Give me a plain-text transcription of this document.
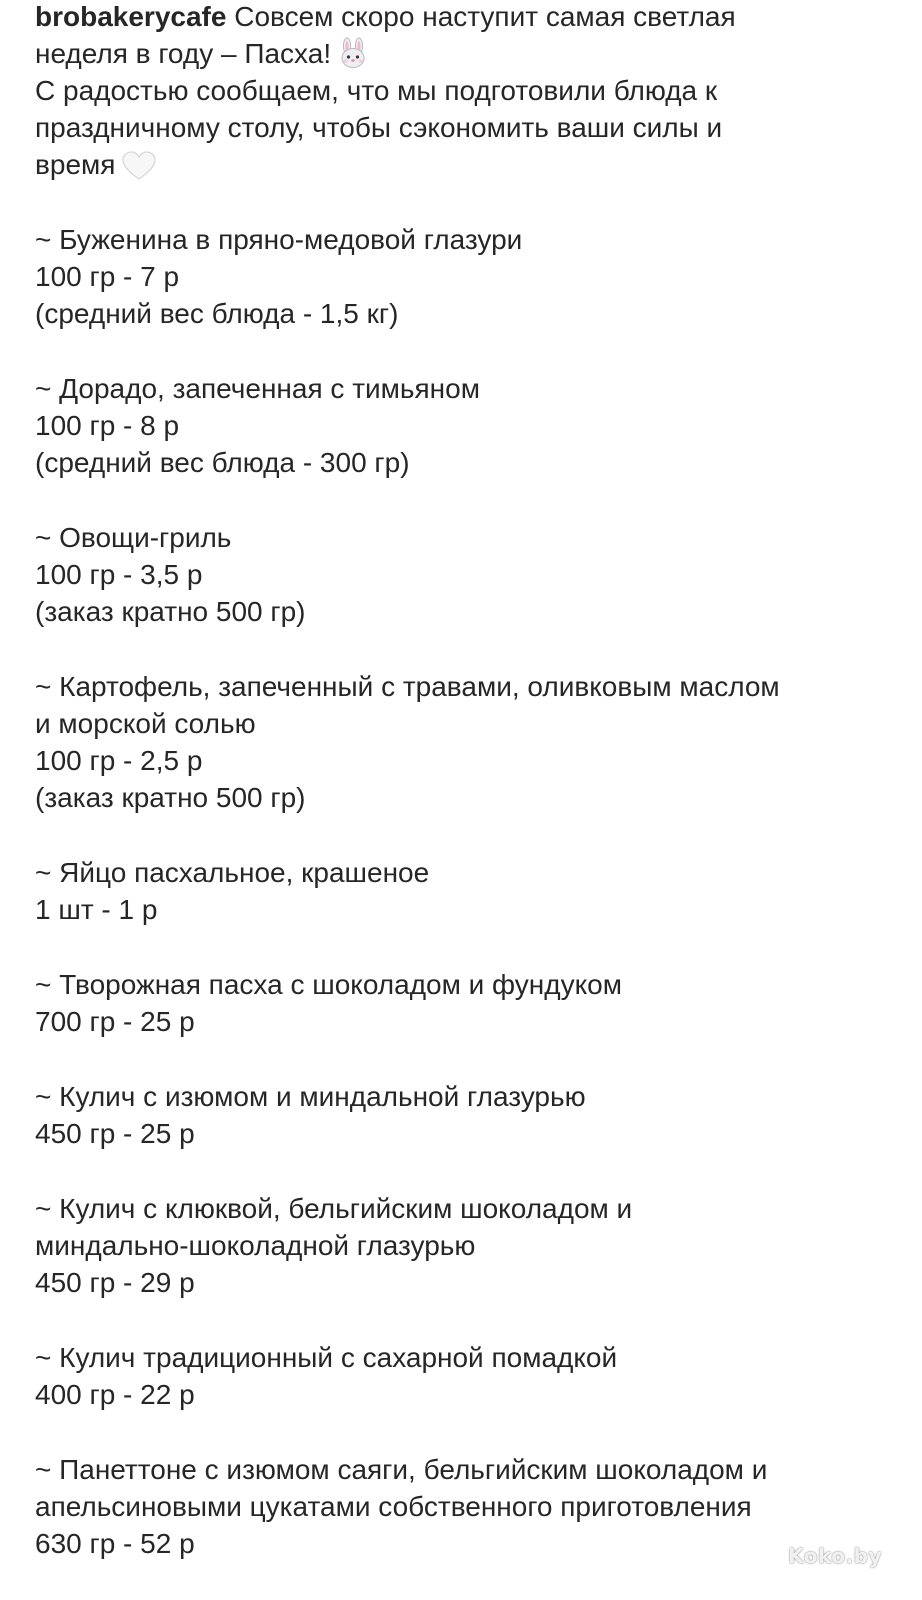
brobakerycafe Совсем скоро наступит самая светлая
неделя в году – Пасха!
С радостью сообщаем, что мы подготовили блюда к
праздничному столу, чтобы сэкономить ваши силы и
время
~ Буженина в пряно-медовой глазури
100 гр - 7 р
(средний вес блюда - 1,5 кг)
~ Дорадо, запеченная с тимьяном
100 гр - 8 р
(средний вес блюда - 300 гр)
~ Овощи-гриль
100 гр - 3,5 р
(заказ кратно 500 гр)
~ Картофель, запеченный с травами, оливковым маслом
и морской солью
100 гр - 2,5 р
(заказ кратно 500 гр)
~ Яйцо пасхальное, крашеное
1 шт - 1 р
~ Творожная пасха с шоколадом и фундуком
700 гр - 25 р
~ Кулич с изюмом и миндальной глазурью
450 гр - 25 р
~ Кулич с клюквой, бельгийским шоколадом и
миндально-шоколадной глазурью
450 гр - 29 р
~ Кулич традиционный с сахарной помадкой
400 гр - 22 р
~ Панеттоне с изюмом саяги, бельгийским шоколадом и
апельсиновыми цукатами собственного приготовления
630 гр - 52 р	Koko.by
